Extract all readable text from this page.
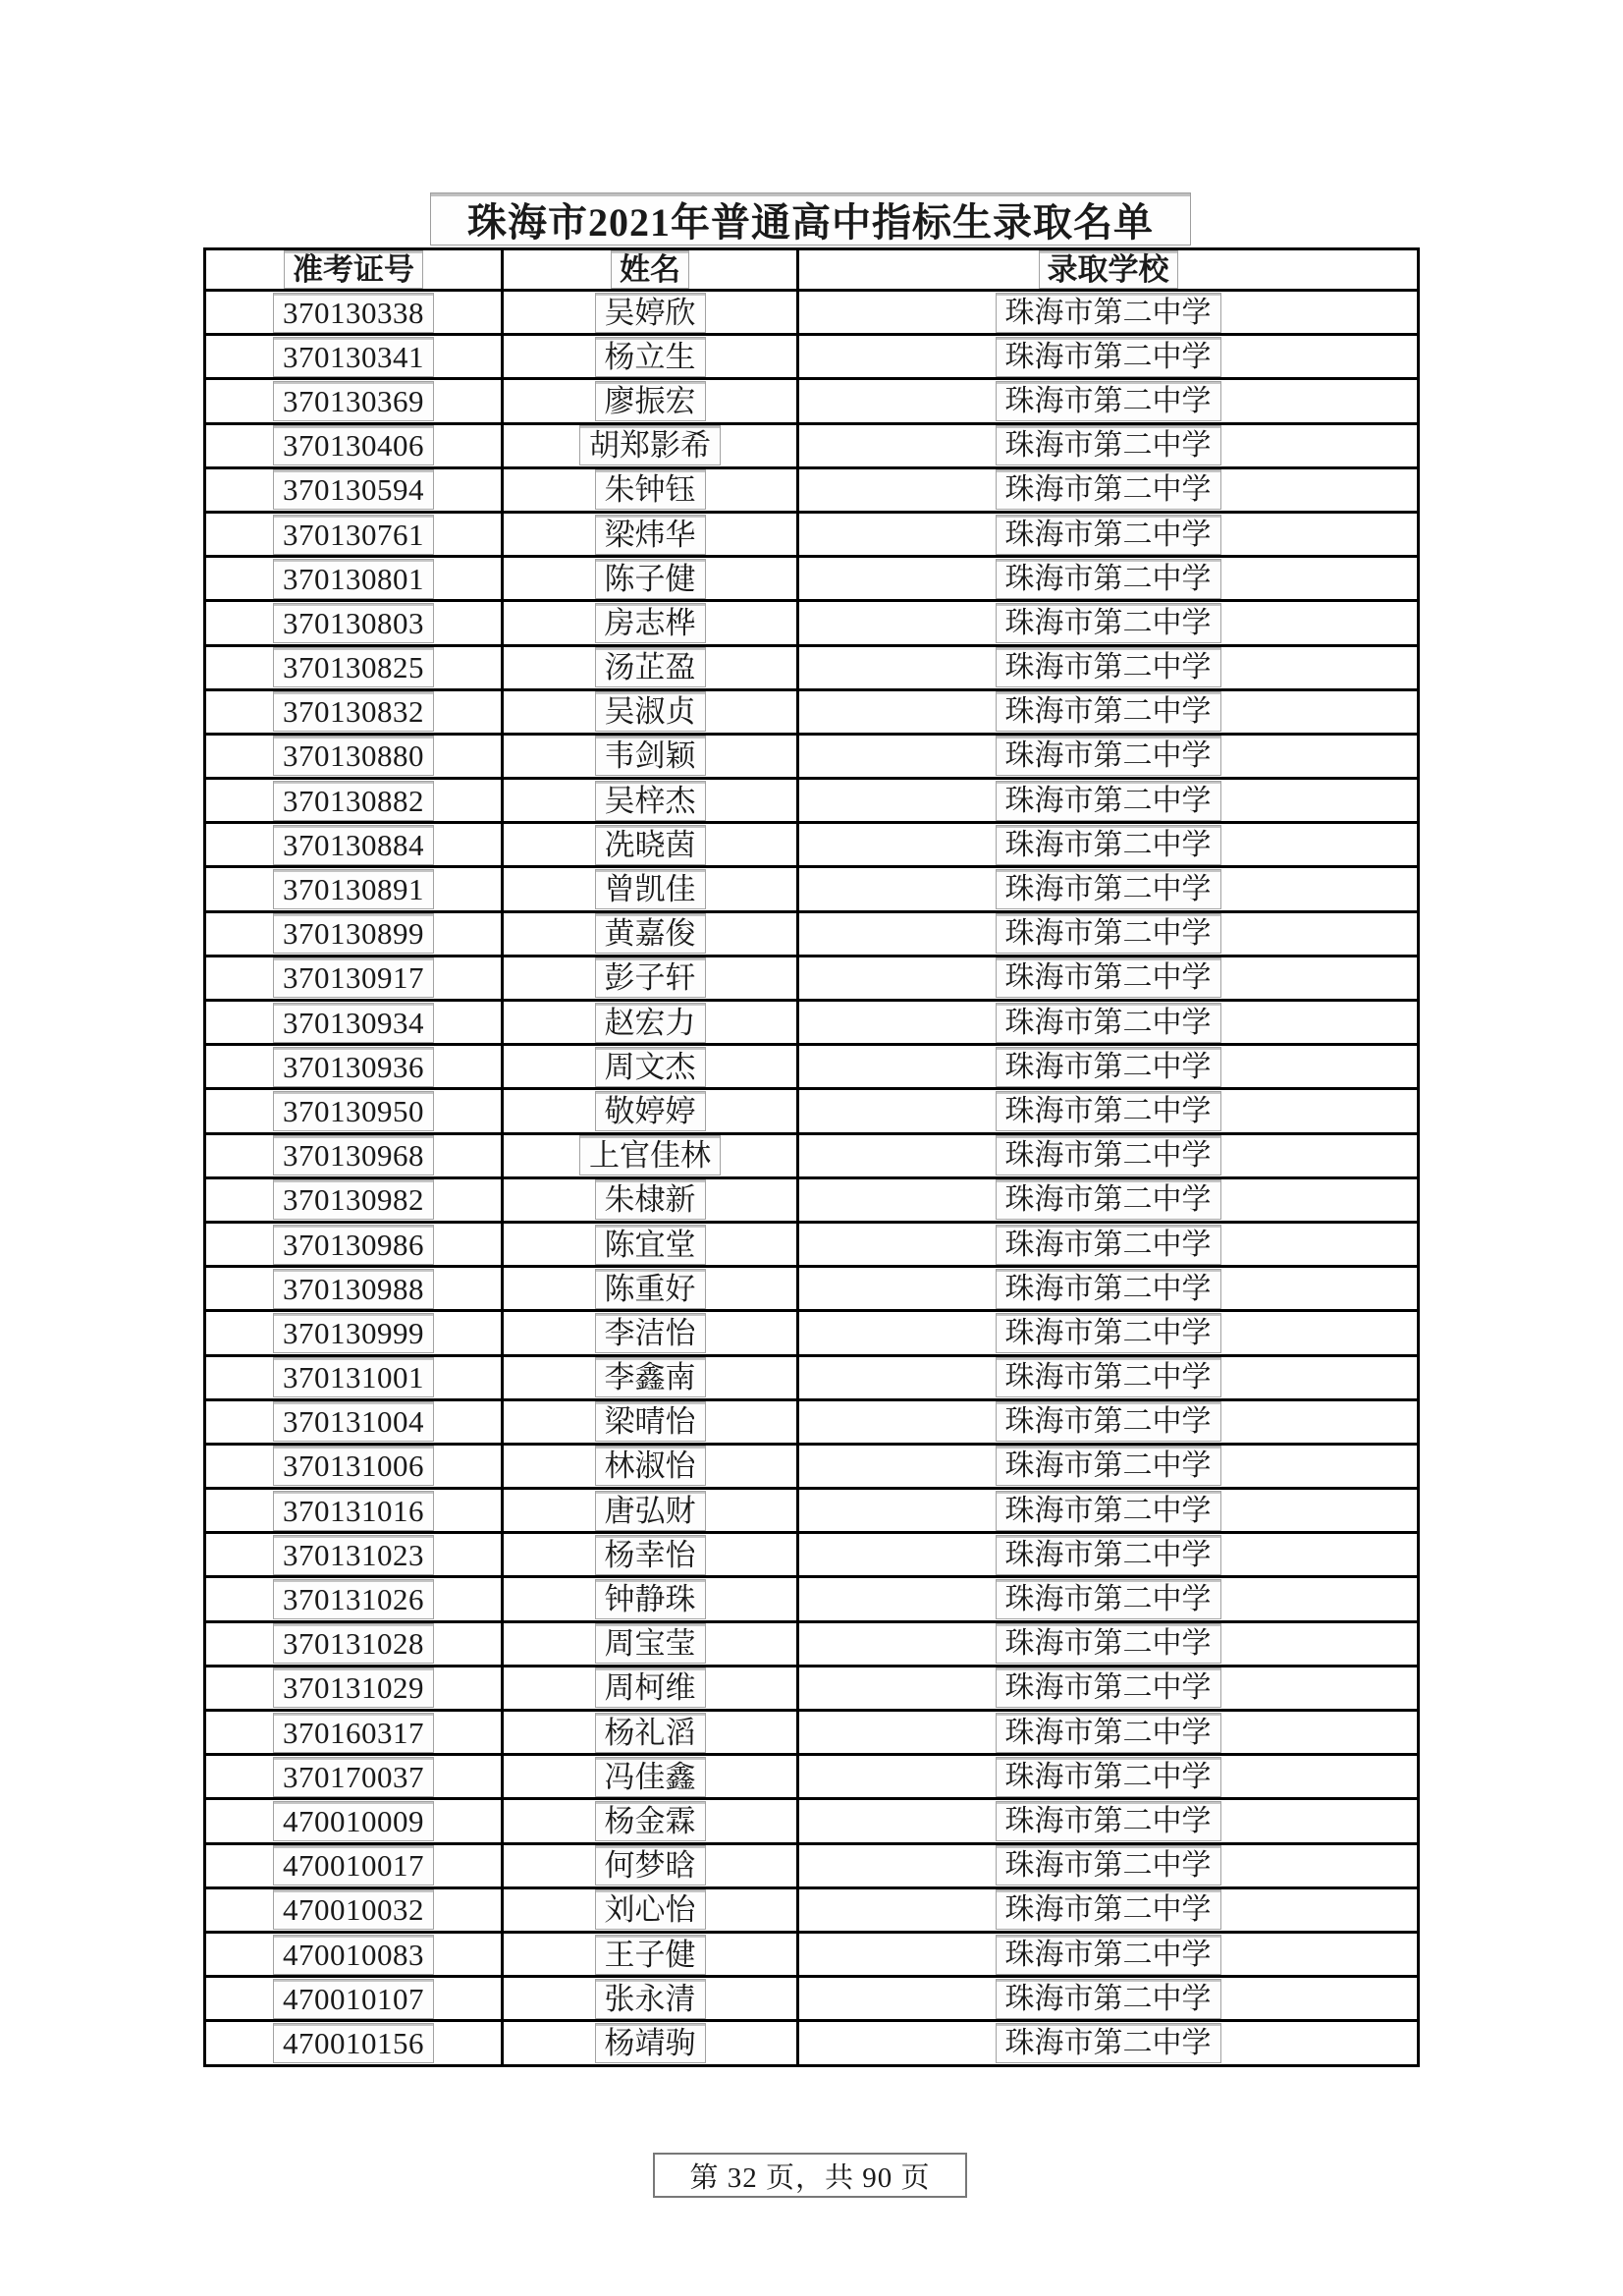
珠海市2021年普通高中指标生录取名单
准考证号	姓名	录取学校
370130338	吴婷欣	珠海市第二中学
370130341	杨立生	珠海市第二中学
370130369	廖振宏	珠海市第二中学
370130406	胡郑影希	珠海市第二中学
370130594	朱钟钰	珠海市第二中学
370130761	梁炜华	珠海市第二中学
370130801	陈子健	珠海市第二中学
370130803	房志桦	珠海市第二中学
370130825	汤芷盈	珠海市第二中学
370130832	吴淑贞	珠海市第二中学
370130880	韦剑颖	珠海市第二中学
370130882	吴梓杰	珠海市第二中学
370130884	冼晓茵	珠海市第二中学
370130891	曾凯佳	珠海市第二中学
370130899	黄嘉俊	珠海市第二中学
370130917	彭子轩	珠海市第二中学
370130934	赵宏力	珠海市第二中学
370130936	周文杰	珠海市第二中学
370130950	敬婷婷	珠海市第二中学
370130968	上官佳林	珠海市第二中学
370130982	朱棣新	珠海市第二中学
370130986	陈宜堂	珠海市第二中学
370130988	陈重好	珠海市第二中学
370130999	李洁怡	珠海市第二中学
370131001	李鑫南	珠海市第二中学
370131004	梁晴怡	珠海市第二中学
370131006	林淑怡	珠海市第二中学
370131016	唐弘财	珠海市第二中学
370131023	杨幸怡	珠海市第二中学
370131026	钟静珠	珠海市第二中学
370131028	周宝莹	珠海市第二中学
370131029	周柯维	珠海市第二中学
370160317	杨礼滔	珠海市第二中学
370170037	冯佳鑫	珠海市第二中学
470010009	杨金霖	珠海市第二中学
470010017	何梦晗	珠海市第二中学
470010032	刘心怡	珠海市第二中学
470010083	王子健	珠海市第二中学
470010107	张永清	珠海市第二中学
470010156	杨靖驹	珠海市第二中学
第 32 页，共 90 页
